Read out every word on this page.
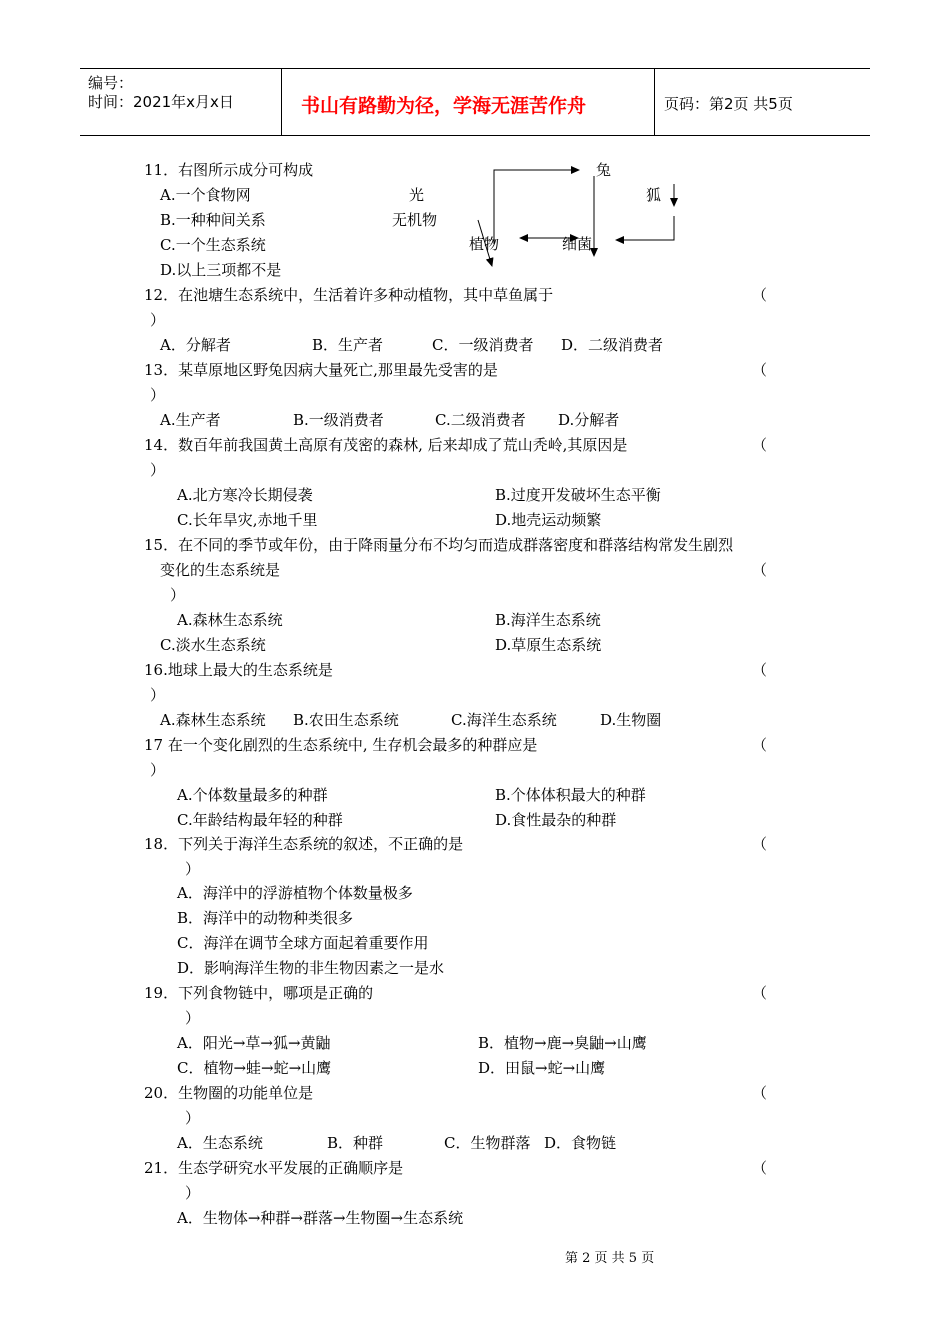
编号：
时间：2021年x月x日	书山有路勤为径，学海无涯苦作舟	页码：第2页 共5页
光
无机物
植物	细菌
兔
狐
11．右图所示成分可构成
A.一个食物网
B.一种种间关系
C.一个生态系统
D.以上三项都不是
12．在池塘生态系统中，生活着许多种动植物，其中草鱼属于	（
）
A．分解者	B．生产者	C．一级消费者 D．二级消费者
13．某草原地区野兔因病大量死亡,那里最先受害的是	（
）
A.生产者	B.一级消费者	C.二级消费者 D.分解者
14．数百年前我国黄土高原有茂密的森林, 后来却成了荒山秃岭,其原因是	（
）
A.北方寒冷长期侵袭	B.过度开发破坏生态平衡
C.长年旱灾,赤地千里	D.地壳运动频繁
15．在不同的季节或年份，由于降雨量分布不均匀而造成群落密度和群落结构常发生剧烈
变化的生态系统是	（
）
A.森林生态系统	B.海洋生态系统
C.淡水生态系统	D.草原生态系统
16.地球上最大的生态系统是	（
）
A.森林生态系统 B.农田生态系统	C.海洋生态系统	D.生物圈
17 在一个变化剧烈的生态系统中, 生存机会最多的种群应是	（
）
A.个体数量最多的种群	B.个体体积最大的种群
C.年龄结构最年轻的种群	D.食性最杂的种群
18．下列关于海洋生态系统的叙述，不正确的是	（
）
A．海洋中的浮游植物个体数量极多
B．海洋中的动物种类很多
C．海洋在调节全球方面起着重要作用
D．影响海洋生物的非生物因素之一是水
19．下列食物链中，哪项是正确的	（
）
A．阳光→草→狐→黄鼬	B．植物→鹿→臭鼬→山鹰
C．植物→蛙→蛇→山鹰	D．田鼠→蛇→山鹰
20．生物圈的功能单位是	（
）
A．生态系统	B．种群	C．生物群落 D．食物链
21．生态学研究水平发展的正确顺序是	（
）
A．生物体→种群→群落→生物圈→生态系统
第 2 页 共 5 页
